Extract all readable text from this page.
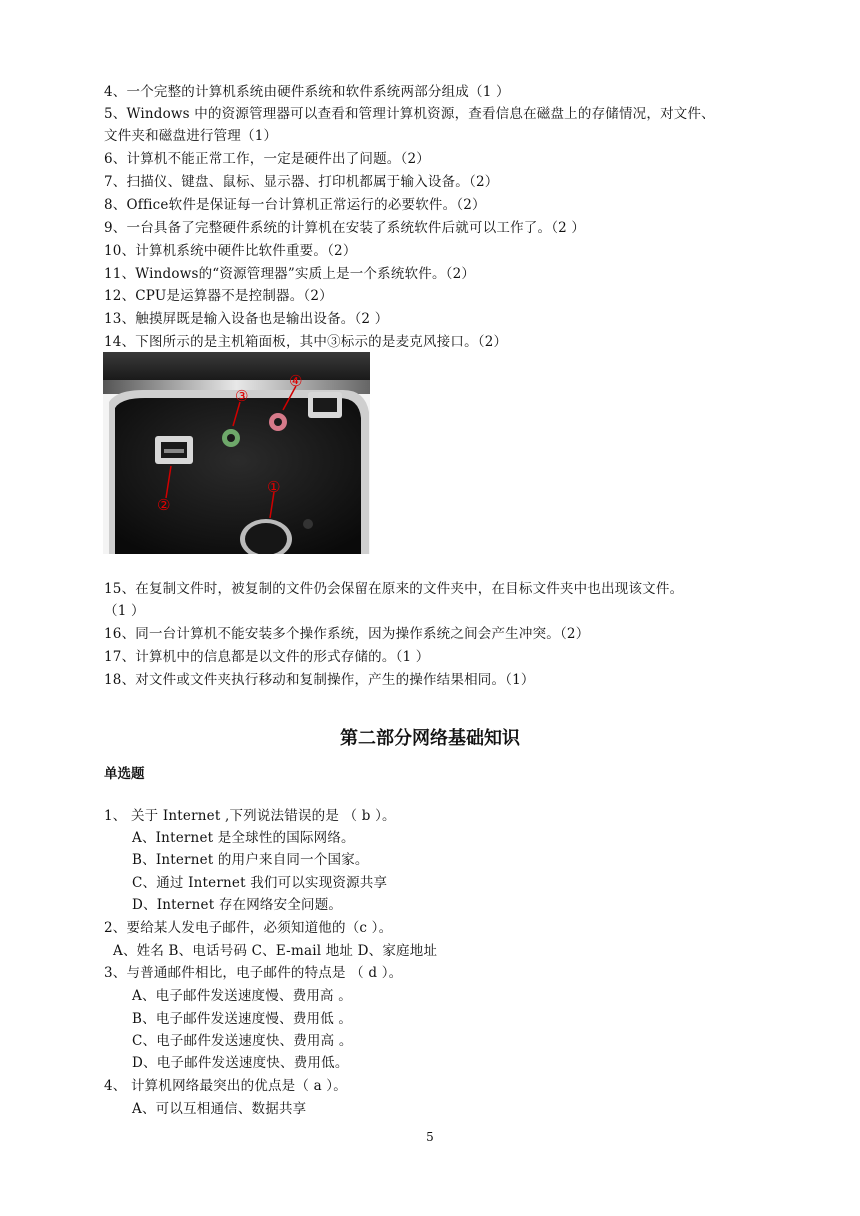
4、一个完整的计算机系统由硬件系统和软件系统两部分组成（1 ）
5、Windows 中的资源管理器可以查看和管理计算机资源，查看信息在磁盘上的存储情况，对文件、
文件夹和磁盘进行管理（1）
6、计算机不能正常工作，一定是硬件出了问题。（2）
7、扫描仪、键盘、鼠标、显示器、打印机都属于输入设备。（2）
8、Office软件是保证每一台计算机正常运行的必要软件。（2）
9、一台具备了完整硬件系统的计算机在安装了系统软件后就可以工作了。（2 ）
10、计算机系统中硬件比软件重要。（2）
11、Windows的“资源管理器”实质上是一个系统软件。（2）
12、CPU是运算器不是控制器。（2）
13、触摸屏既是输入设备也是输出设备。（2 ）
14、下图所示的是主机箱面板，其中③标示的是麦克风接口。（2）
③
④
①
②
15、在复制文件时，被复制的文件仍会保留在原来的文件夹中，在目标文件夹中也出现该文件。
（1 ）
16、同一台计算机不能安装多个操作系统，因为操作系统之间会产生冲突。（2）
17、计算机中的信息都是以文件的形式存储的。（1 ）
18、对文件或文件夹执行移动和复制操作，产生的操作结果相同。（1）
第二部分网络基础知识
单选题
1、 关于 Internet ,下列说法错误的是 （ b ）。
A、Internet 是全球性的国际网络。
B、Internet 的用户来自同一个国家。
C、通过 Internet 我们可以实现资源共享
D、Internet 存在网络安全问题。
2、要给某人发电子邮件，必须知道他的（c ）。
A、姓名 B、电话号码 C、E-mail 地址 D、家庭地址
3、与普通邮件相比，电子邮件的特点是 （ d ）。
A、电子邮件发送速度慢、费用高 。
B、电子邮件发送速度慢、费用低 。
C、电子邮件发送速度快、费用高 。
D、电子邮件发送速度快、费用低。
4、 计算机网络最突出的优点是（ a ）。
A、可以互相通信、数据共享
5
